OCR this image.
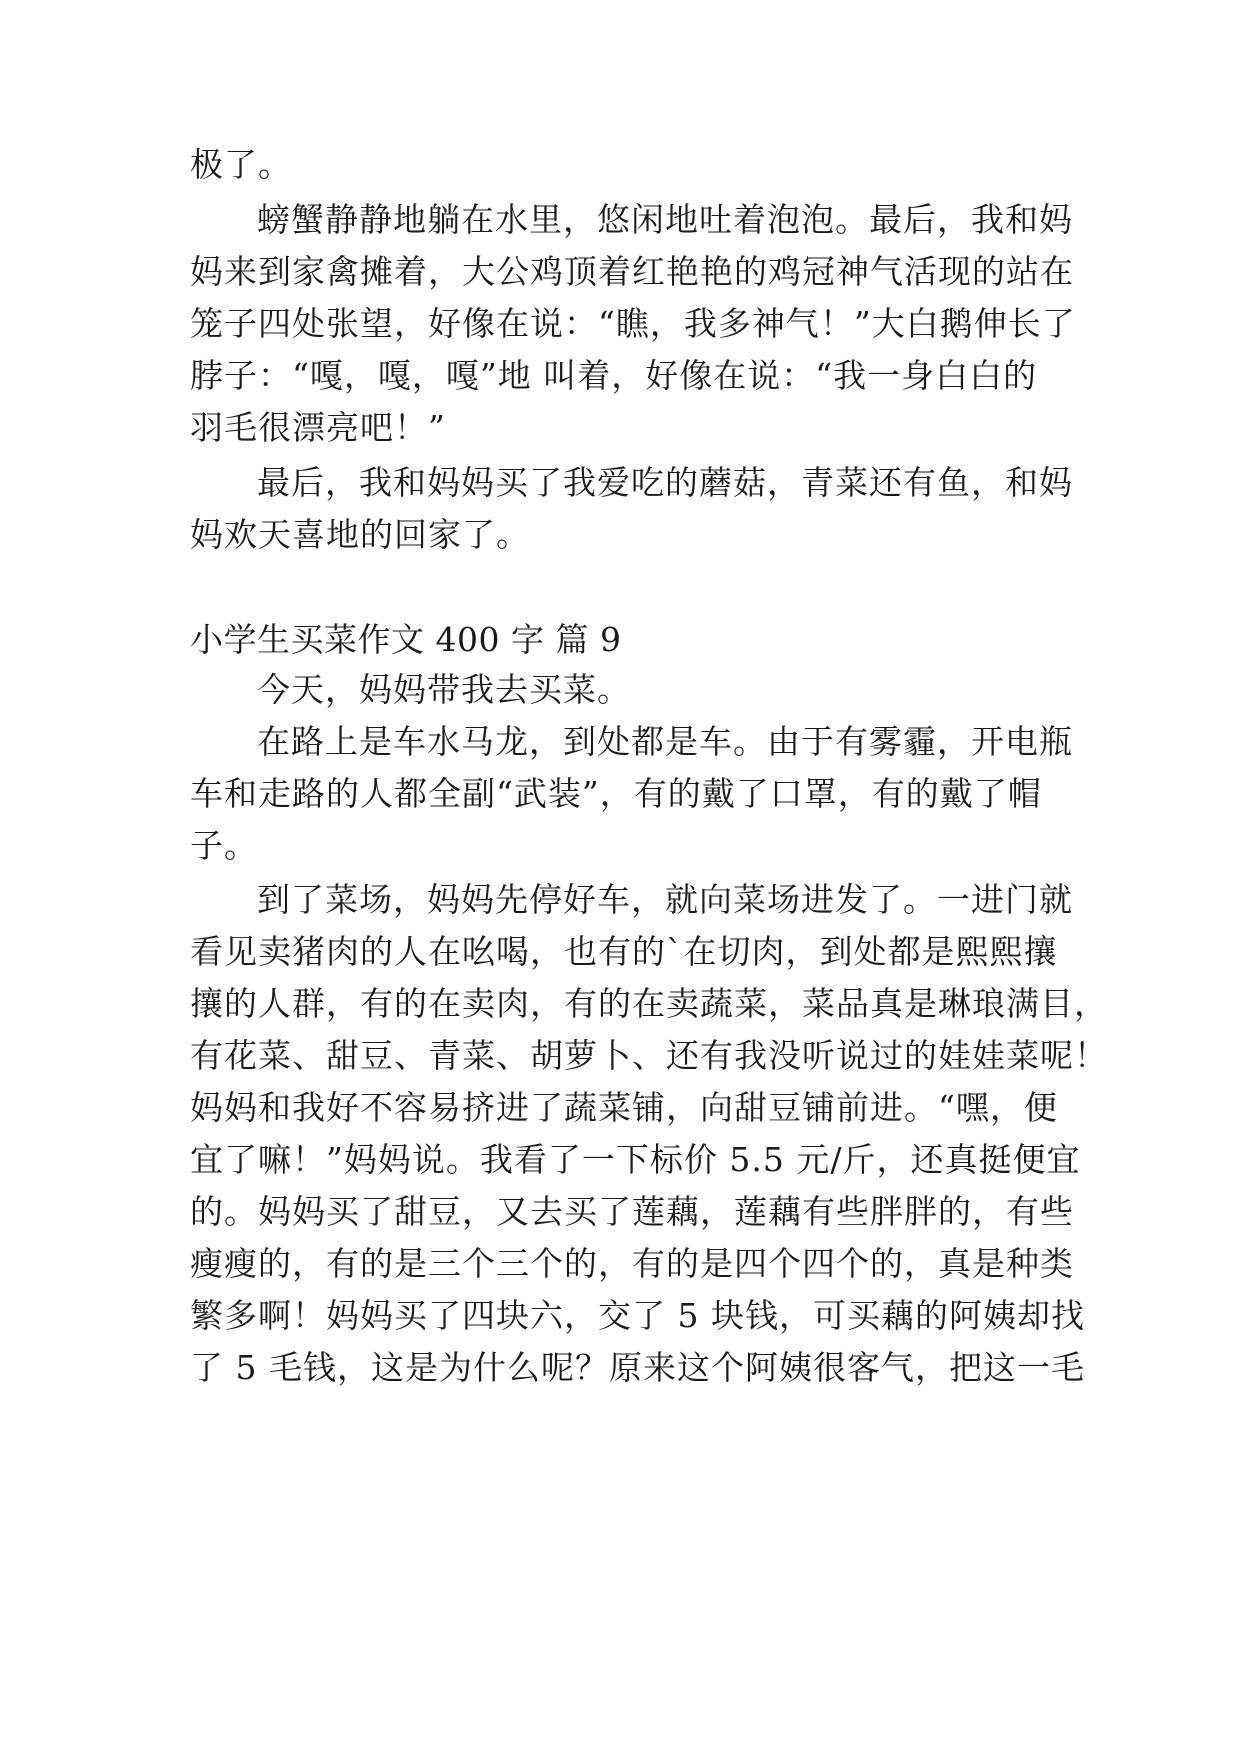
极了。
螃蟹静静地躺在水里，悠闲地吐着泡泡。最后，我和妈
妈来到家禽摊着，大公鸡顶着红艳艳的鸡冠神气活现的站在
笼子四处张望，好像在说：“瞧，我多神气！”大白鹅伸长了
脖子：“嘎，嘎，嘎”地 叫着，好像在说：“我一身白白的
羽毛很漂亮吧！”
最后，我和妈妈买了我爱吃的蘑菇，青菜还有鱼，和妈
妈欢天喜地的回家了。
小学生买菜作文 400 字 篇 9
今天，妈妈带我去买菜。
在路上是车水马龙，到处都是车。由于有雾霾，开电瓶
车和走路的人都全副“武装”，有的戴了口罩，有的戴了帽
子。
到了菜场，妈妈先停好车，就向菜场进发了。一进门就
看见卖猪肉的人在吆喝，也有的`在切肉，到处都是熙熙攘
攘的人群，有的在卖肉，有的在卖蔬菜，菜品真是琳琅满目，
有花菜、甜豆、青菜、胡萝卜、还有我没听说过的娃娃菜呢！
妈妈和我好不容易挤进了蔬菜铺，向甜豆铺前进。“嘿，便
宜了嘛！”妈妈说。我看了一下标价 5.5 元/斤，还真挺便宜
的。妈妈买了甜豆，又去买了莲藕，莲藕有些胖胖的，有些
瘦瘦的，有的是三个三个的，有的是四个四个的，真是种类
繁多啊！妈妈买了四块六，交了 5 块钱，可买藕的阿姨却找
了 5 毛钱，这是为什么呢？原来这个阿姨很客气，把这一毛
